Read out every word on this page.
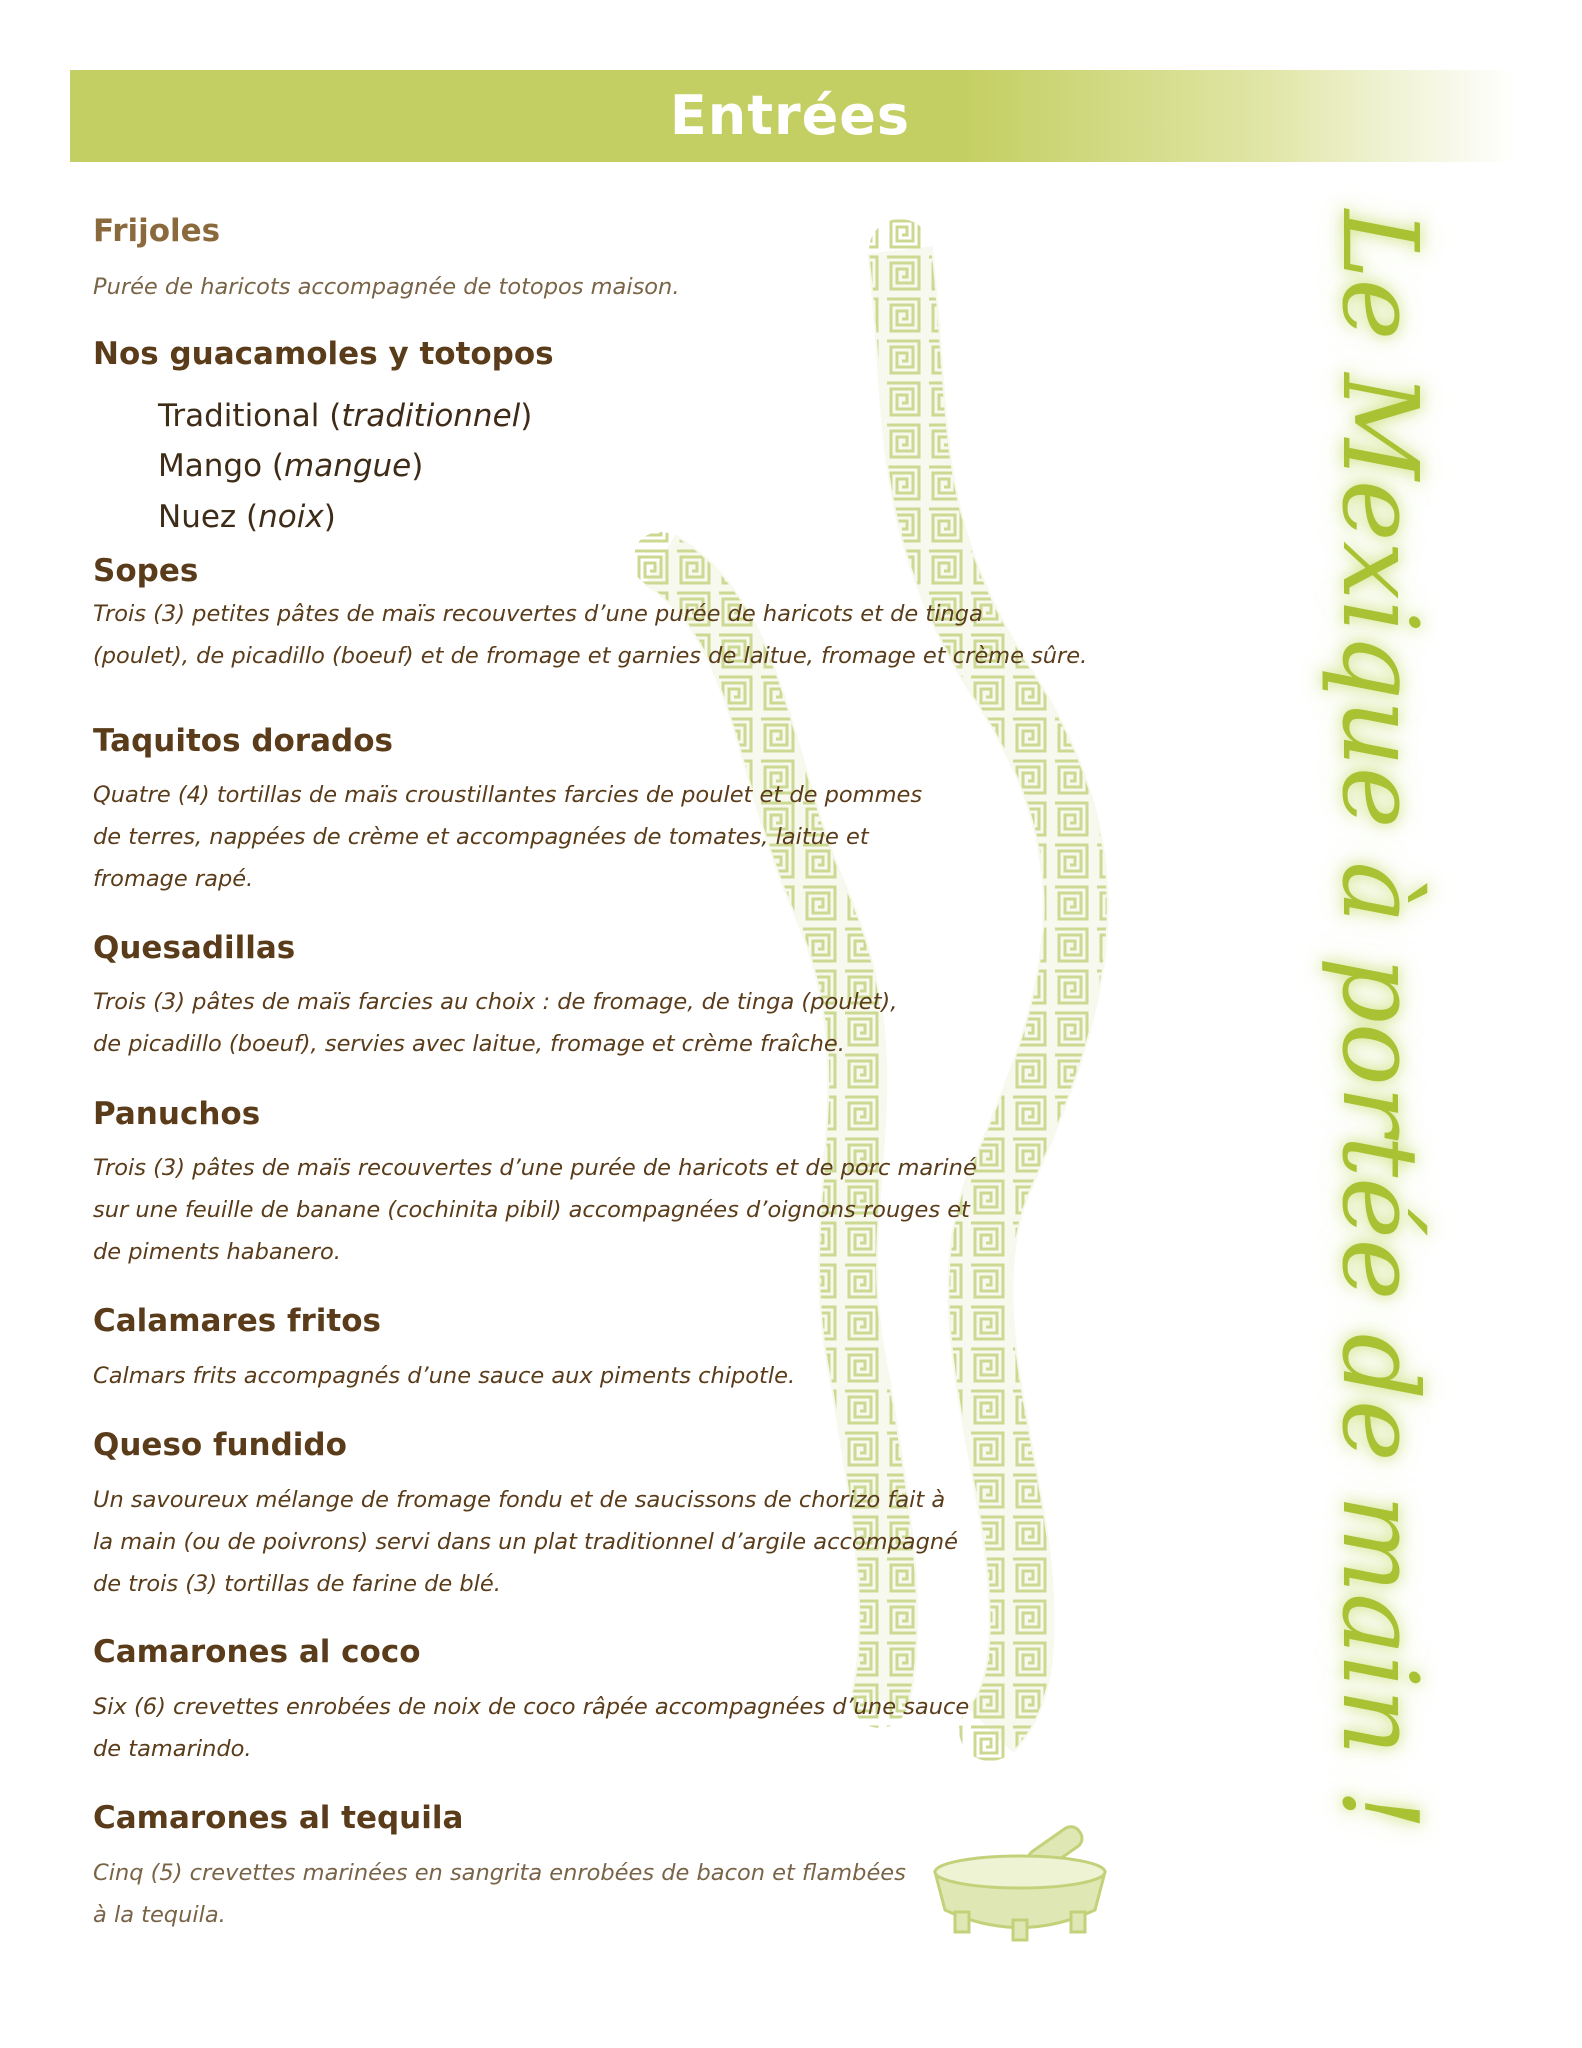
Entrées
Le Mexique à portée de main !
Frijoles
Purée de haricots accompagnée de totopos maison.
Nos guacamoles y totopos
Traditional (traditionnel)
Mango (mangue)
Nuez (noix)
Sopes
Trois (3) petites pâtes de maïs recouvertes d’une purée de haricots et de tinga
(poulet), de picadillo (boeuf) et de fromage et garnies de laitue, fromage et crème sûre.
Taquitos dorados
Quatre (4) tortillas de maïs croustillantes farcies de poulet et de pommes
de terres, nappées de crème et accompagnées de tomates, laitue et
fromage rapé.
Quesadillas
Trois (3) pâtes de maïs farcies au choix : de fromage, de tinga (poulet),
de picadillo (boeuf), servies avec laitue, fromage et crème fraîche.
Panuchos
Trois (3) pâtes de maïs recouvertes d’une purée de haricots et de porc mariné
sur une feuille de banane (cochinita pibil) accompagnées d’oignons rouges et
de piments habanero.
Calamares fritos
Calmars frits accompagnés d’une sauce aux piments chipotle.
Queso fundido
Un savoureux mélange de fromage fondu et de saucissons de chorizo fait à
la main (ou de poivrons) servi dans un plat traditionnel d’argile accompagné
de trois (3) tortillas de farine de blé.
Camarones al coco
Six (6) crevettes enrobées de noix de coco râpée accompagnées d’une sauce
de tamarindo.
Camarones al tequila
Cinq (5) crevettes marinées en sangrita enrobées de bacon et flambées
à la tequila.
